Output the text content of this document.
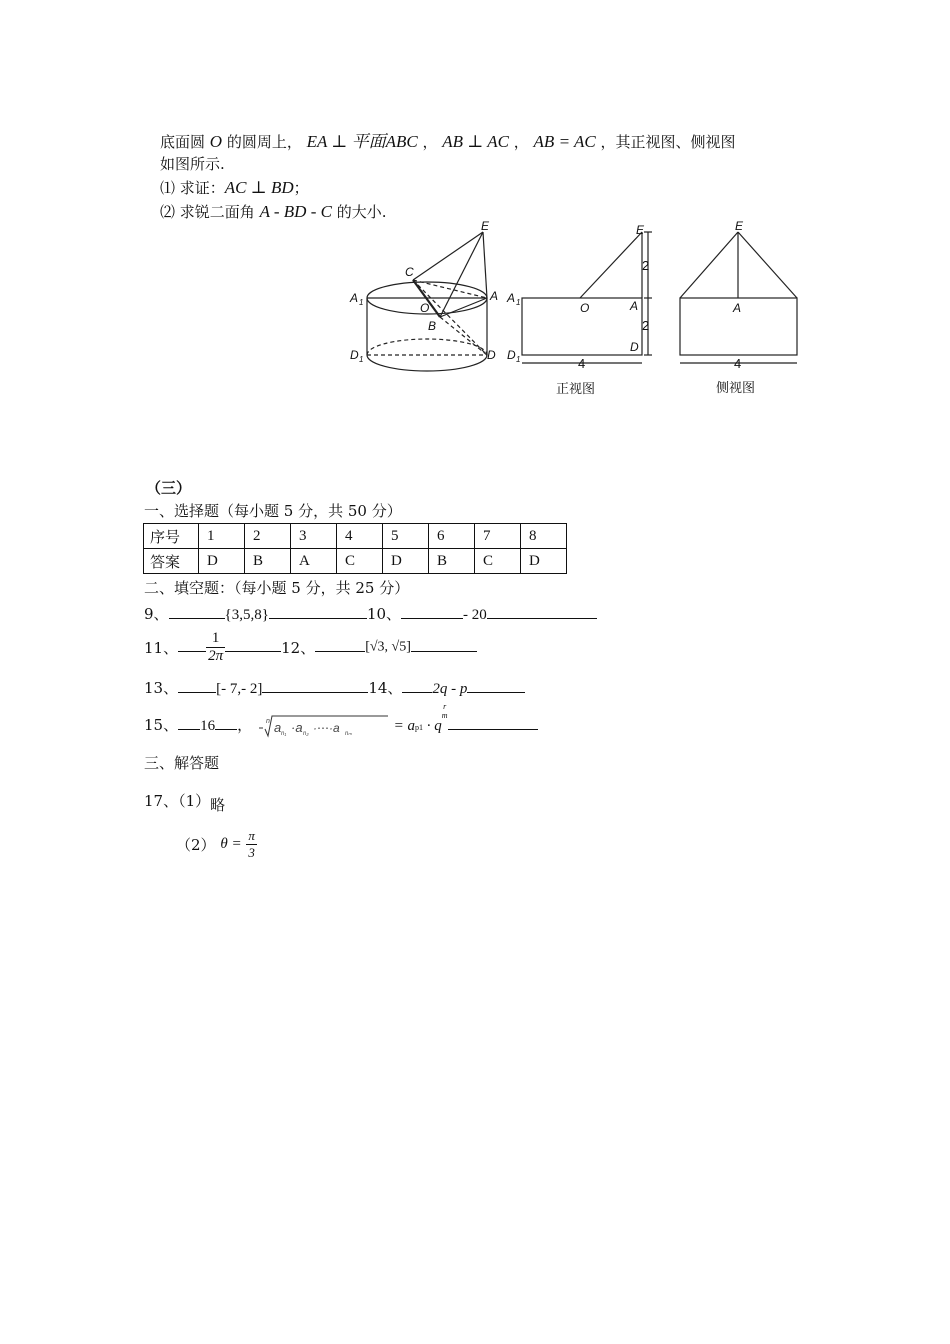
底面圆 O 的圆周上， EA ⊥ 平面ABC ， AB ⊥ AC ， AB = AC ，其正视图、侧视图
如图所示.
⑴ 求证：AC ⊥ BD；
⑵ 求锐二面角 A - BD - C 的大小.
E
C
A 1	O
A
B
D 1	D
E
A 1	O	A
D 1
D
E
A
2
2
4	4
正视图	侧视图
（三）
一、选择题（每小题 5 分，共 50 分）
序号	1	2	3	4	5	6	7	8
答案	D	B	A	C	D	B	C	D
二、填空题：（每小题 5 分，共 25 分）
9、	{3,5,8}	10、	- 20
11、 $\frac{1}{2\pi}$	12、	[√3, √5]
13、	[- 7,- 2]	14、 2q - p
15、 16 ， n a n₁ ·a n₂ ·⋯·a nₘ	= ap1 · q
r
m
三、解答题
17、（1）略
（2） $\theta = \frac{\pi}{3}$
